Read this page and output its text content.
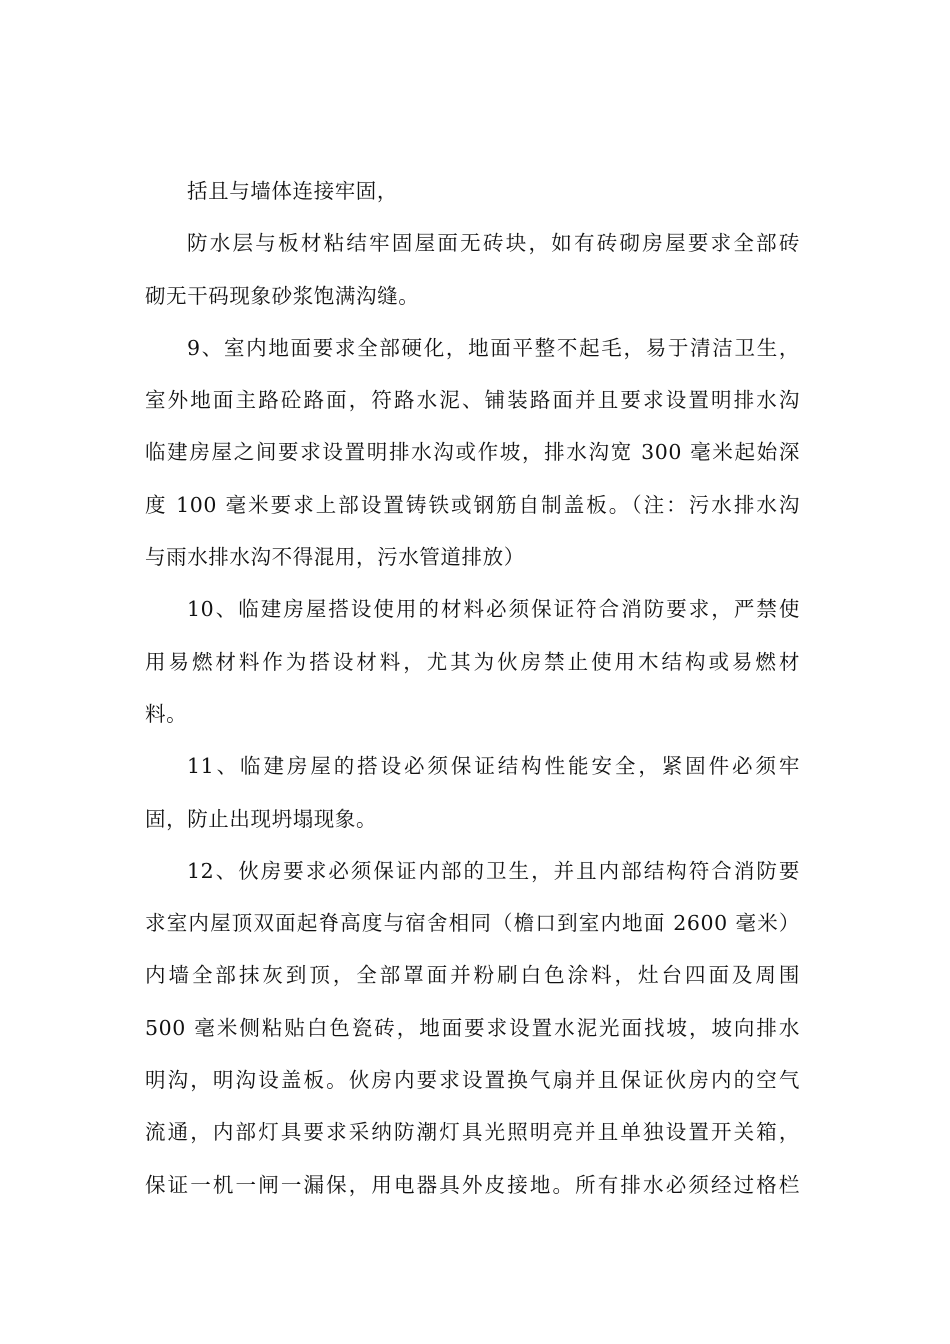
括且与墙体连接牢固，
防水层与板材粘结牢固屋面无砖块，如有砖砌房屋要求全部砖
砌无干码现象砂浆饱满沟缝。
9、室内地面要求全部硬化，地面平整不起毛，易于清洁卫生，
室外地面主路砼路面，符路水泥、铺装路面并且要求设置明排水沟
临建房屋之间要求设置明排水沟或作坡，排水沟宽 300 毫米起始深
度 100 毫米要求上部设置铸铁或钢筋自制盖板。（注：污水排水沟
与雨水排水沟不得混用，污水管道排放）
10、临建房屋搭设使用的材料必须保证符合消防要求，严禁使
用易燃材料作为搭设材料，尤其为伙房禁止使用木结构或易燃材
料。
11、临建房屋的搭设必须保证结构性能安全，紧固件必须牢
固，防止出现坍塌现象。
12、伙房要求必须保证内部的卫生，并且内部结构符合消防要
求室内屋顶双面起脊高度与宿舍相同（檐口到室内地面 2600 毫米）
内墙全部抹灰到顶，全部罩面并粉刷白色涂料，灶台四面及周围
500 毫米侧粘贴白色瓷砖，地面要求设置水泥光面找坡，坡向排水
明沟，明沟设盖板。伙房内要求设置换气扇并且保证伙房内的空气
流通，内部灯具要求采纳防潮灯具光照明亮并且单独设置开关箱，
保证一机一闸一漏保，用电器具外皮接地。所有排水必须经过格栏
